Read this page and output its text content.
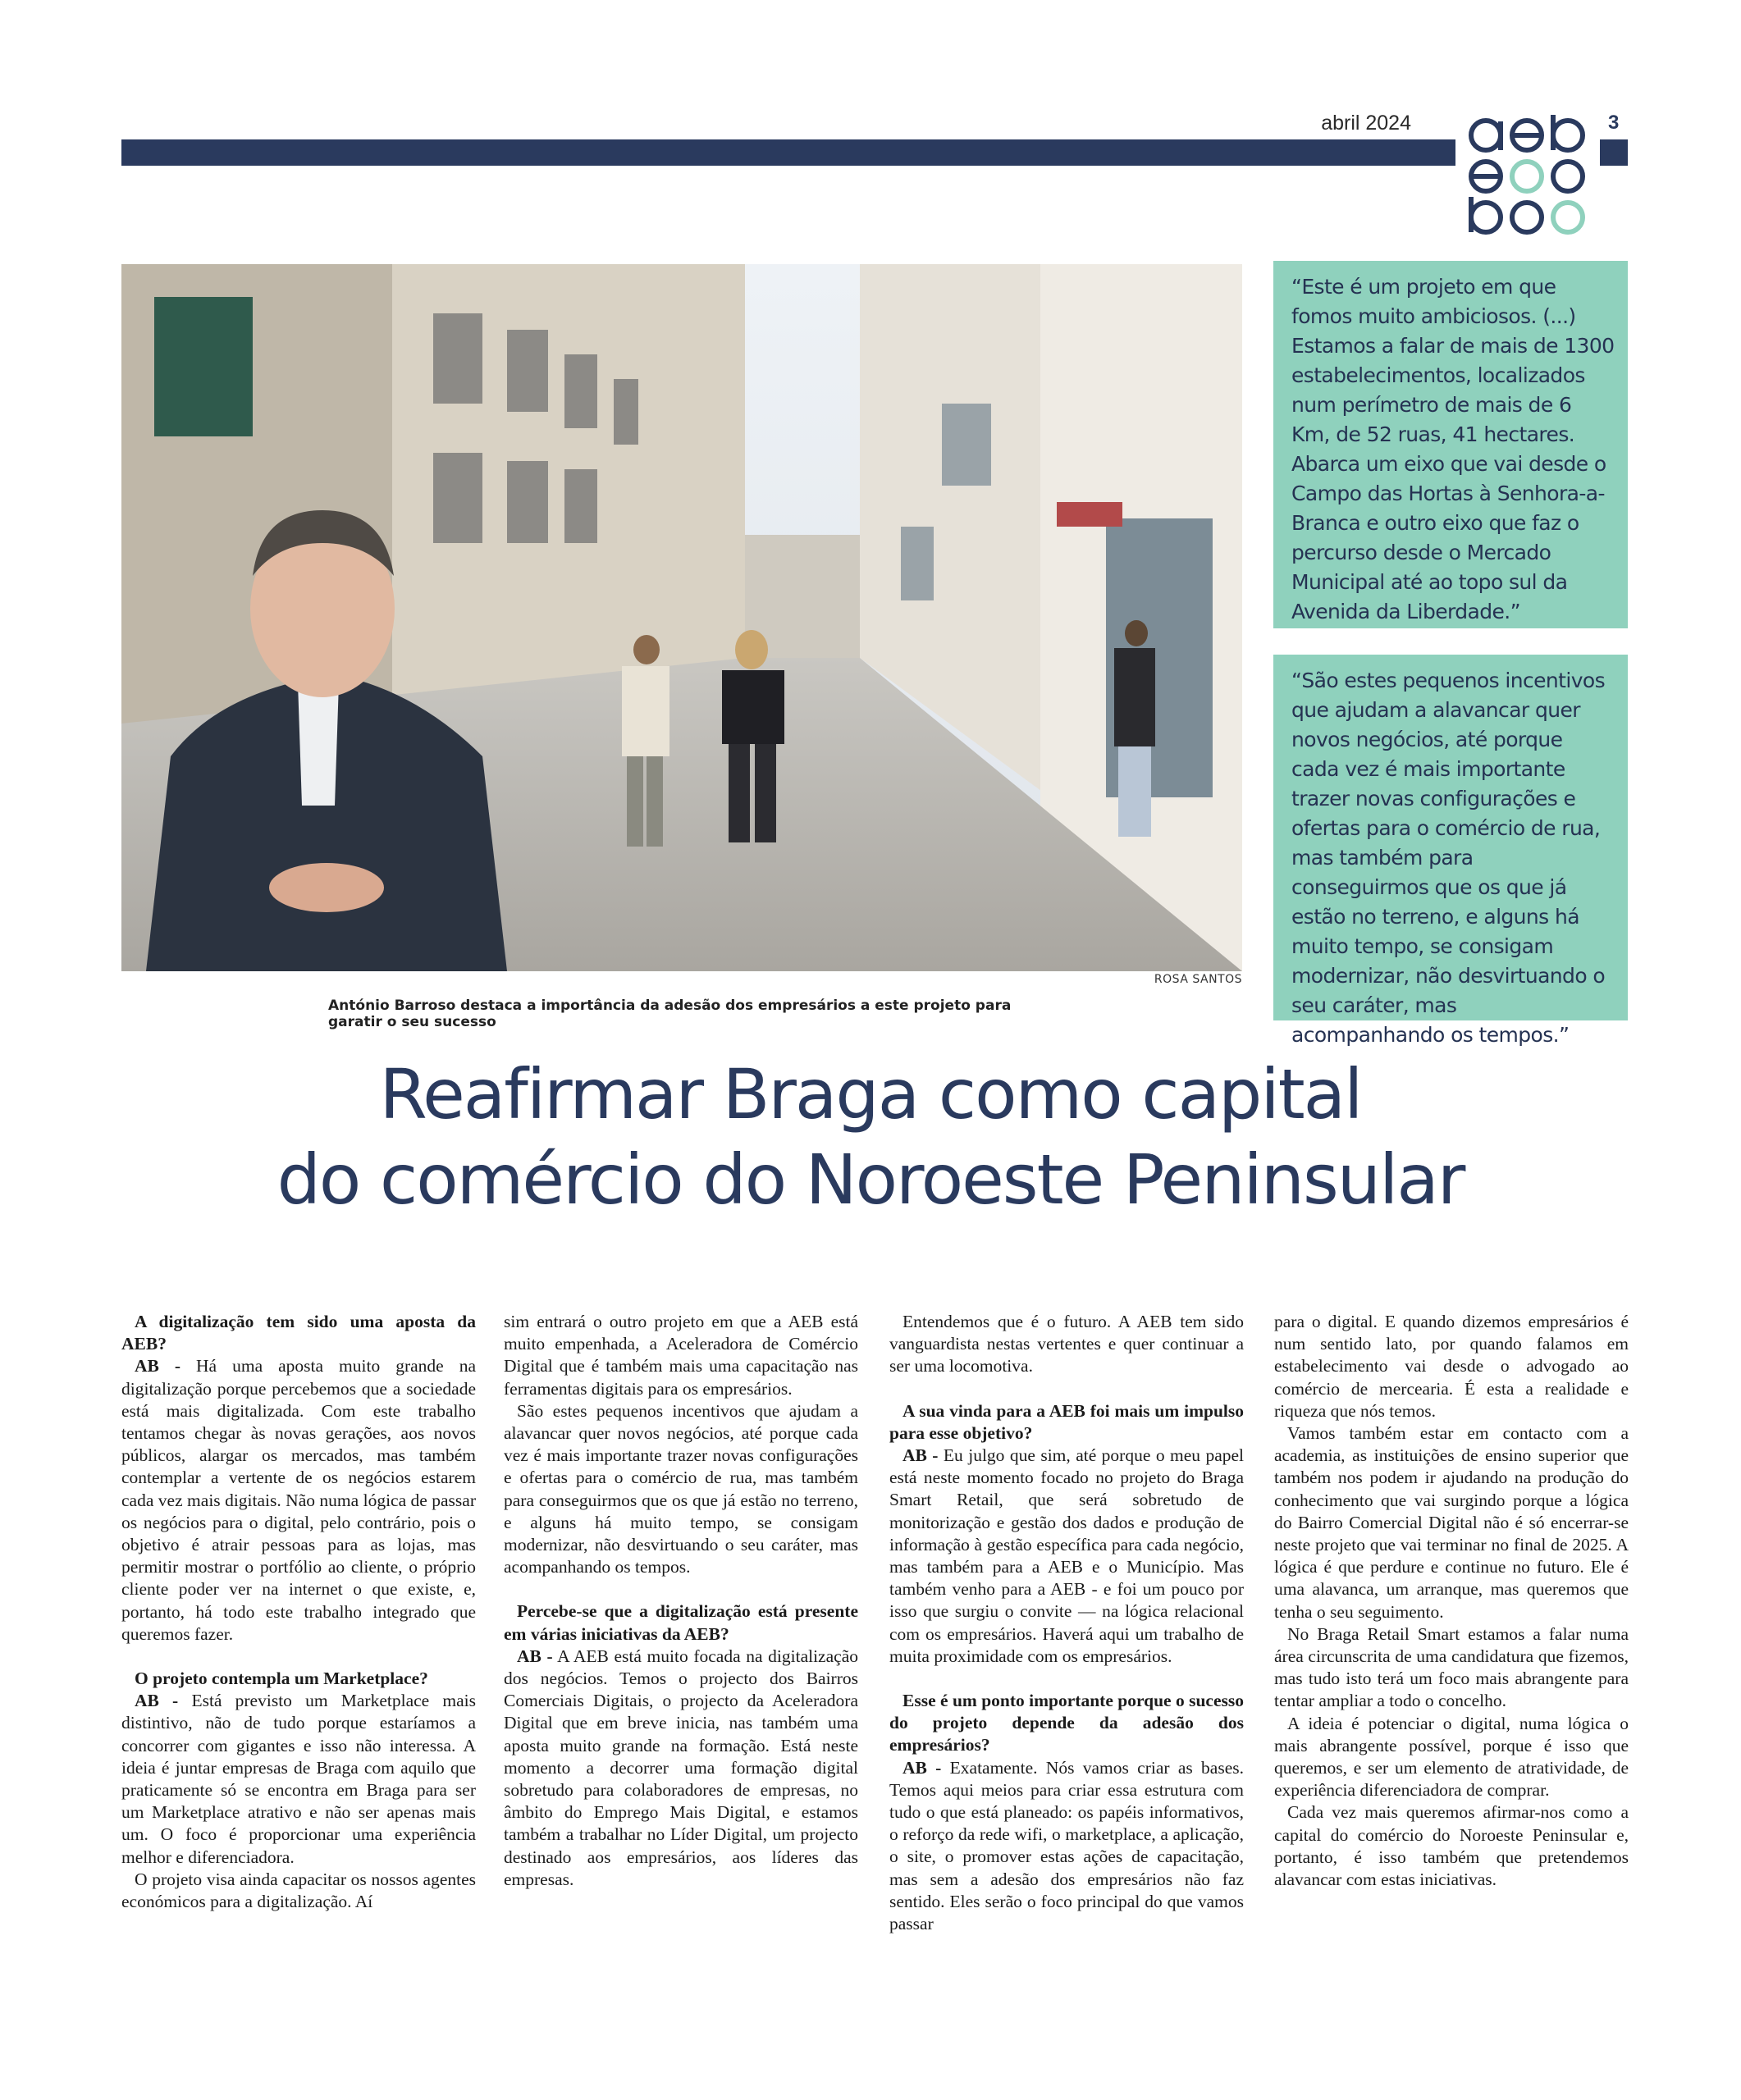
abril 2024	3
ROSA SANTOS
António Barroso destaca a importância da adesão dos empresários a este projeto para garatir o seu sucesso
“Este é um projeto em que fomos muito ambiciosos. (...) Estamos a falar de mais de 1300 estabelecimentos, localizados num perímetro de mais de 6 Km, de 52 ruas, 41 hectares. Abarca um eixo que vai desde o Campo das Hortas à Senhora-a-Branca e outro eixo que faz o percurso desde o Mercado Municipal até ao topo sul da Avenida da Liberdade.”
“São estes pequenos incentivos que ajudam a alavancar quer novos negócios, até porque cada vez é mais importante trazer novas configurações e ofertas para o comércio de rua, mas também para conseguirmos que os que já estão no terreno, e alguns há muito tempo, se consigam modernizar, não desvirtuando o seu caráter, mas acompanhando os tempos.”
Reafirmar Braga como capital
do comércio do Noroeste Peninsular

A digitalização tem sido uma aposta da AEB?

AB - Há uma aposta muito grande na digitalização porque percebemos que a sociedade está mais digitalizada. Com este trabalho tentamos chegar às novas gerações, aos novos públicos, alargar os mercados, mas também contemplar a vertente de os negócios estarem cada vez mais digitais. Não numa lógica de passar os negócios para o digital, pelo contrário, pois o objetivo é atrair pessoas para as lojas, mas permitir mostrar o portfólio ao cliente, o próprio cliente poder ver na internet o que existe, e, portanto, há todo este trabalho integrado que queremos fazer.

O projeto contempla um Marketplace?

AB - Está previsto um Marketplace mais distintivo, não de tudo porque estaríamos a concorrer com gigantes e isso não interessa. A ideia é juntar empresas de Braga com aquilo que praticamente só se encontra em Braga para ser um Marketplace atrativo e não ser apenas mais um. O foco é proporcionar uma experiência melhor e diferenciadora.

O projeto visa ainda capacitar os nossos agentes económicos para a digitalização. Aí

sim entrará o outro projeto em que a AEB está muito empenhada, a Aceleradora de Comércio Digital que é também mais uma capacitação nas ferramentas digitais para os empresários.

São estes pequenos incentivos que ajudam a alavancar quer novos negócios, até porque cada vez é mais importante trazer novas configurações e ofertas para o comércio de rua, mas também para conseguirmos que os que já estão no terreno, e alguns há muito tempo, se consigam modernizar, não desvirtuando o seu caráter, mas acompanhando os tempos.

Percebe-se que a digitalização está presente em várias iniciativas da AEB?

AB - A AEB está muito focada na digitalização dos negócios. Temos o projecto dos Bairros Comerciais Digitais, o projecto da Aceleradora Digital que em breve inicia, nas também uma aposta muito grande na formação. Está neste momento a decorrer uma formação digital sobretudo para colaboradores de empresas, no âmbito do Emprego Mais Digital, e estamos também a trabalhar no Líder Digital, um projecto destinado aos empresários, aos líderes das empresas.

Entendemos que é o futuro. A AEB tem sido vanguardista nestas vertentes e quer continuar a ser uma locomotiva.

A sua vinda para a AEB foi mais um impulso para esse objetivo?

AB - Eu julgo que sim, até porque o meu papel está neste momento focado no projeto do Braga Smart Retail, que será sobretudo de monitorização e gestão dos dados e produção de informação à gestão específica para cada negócio, mas também para a AEB e o Município. Mas também venho para a AEB - e foi um pouco por isso que surgiu o convite — na lógica relacional com os empresários. Haverá aqui um trabalho de muita proximidade com os empresários.

Esse é um ponto importante porque o sucesso do projeto depende da adesão dos empresários?

AB - Exatamente. Nós vamos criar as bases. Temos aqui meios para criar essa estrutura com tudo o que está planeado: os papéis informativos, o reforço da rede wifi, o marketplace, a aplicação, o site, o promover estas ações de capacitação, mas sem a adesão dos empresários não faz sentido. Eles serão o foco principal do que vamos passar

para o digital. E quando dizemos empresários é num sentido lato, por quando falamos em estabelecimento vai desde o advogado ao comércio de mercearia. É esta a realidade e riqueza que nós temos.

Vamos também estar em contacto com a academia, as instituições de ensino superior que também nos podem ir ajudando na produção do conhecimento que vai surgindo porque a lógica do Bairro Comercial Digital não é só encerrar-se neste projeto que vai terminar no final de 2025. A lógica é que perdure e continue no futuro. Ele é uma alavanca, um arranque, mas queremos que tenha o seu seguimento.

No Braga Retail Smart estamos a falar numa área circunscrita de uma candidatura que fizemos, mas tudo isto terá um foco mais abrangente para tentar ampliar a todo o concelho.

A ideia é potenciar o digital, numa lógica o mais abrangente possível, porque é isso que queremos, e ser um elemento de atratividade, de experiência diferenciadora de comprar.

Cada vez mais queremos afirmar-nos como a capital do comércio do Noroeste Peninsular e, portanto, é isso também que pretendemos alavancar com estas iniciativas.
